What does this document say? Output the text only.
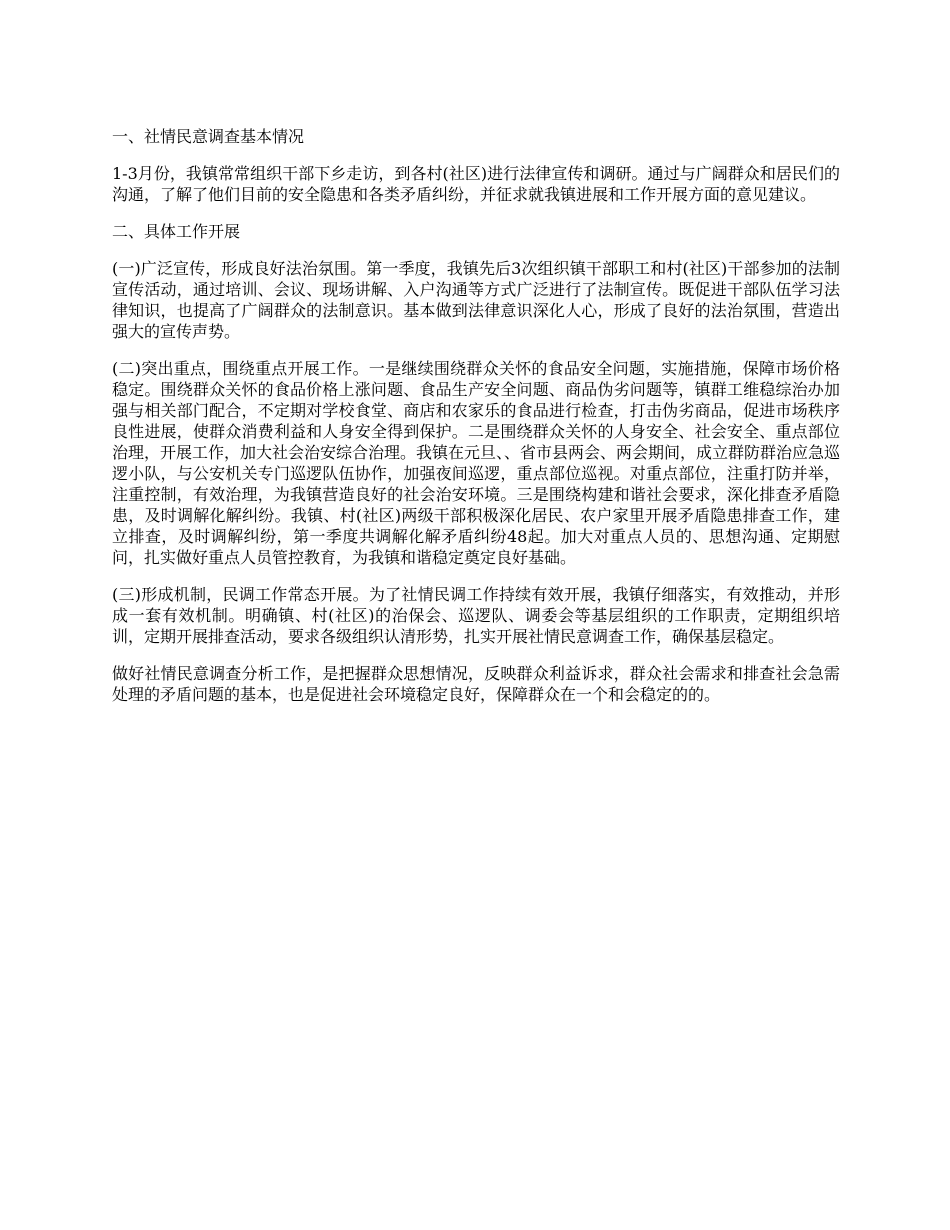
一、社情民意调查基本情况

1-3月份，我镇常常组织干部下乡走访，到各村(社区)进行法律宣传和调研。通过与广阔群众和居民们的沟通，了解了他们目前的安全隐患和各类矛盾纠纷，并征求就我镇进展和工作开展方面的意见建议。

二、具体工作开展

(一)广泛宣传，形成良好法治氛围。第一季度，我镇先后3次组织镇干部职工和村(社区)干部参加的法制宣传活动，通过培训、会议、现场讲解、入户沟通等方式广泛进行了法制宣传。既促进干部队伍学习法律知识，也提高了广阔群众的法制意识。基本做到法律意识深化人心，形成了良好的法治氛围，营造出强大的宣传声势。

(二)突出重点，围绕重点开展工作。一是继续围绕群众关怀的食品安全问题，实施措施，保障市场价格稳定。围绕群众关怀的食品价格上涨问题、食品生产安全问题、商品伪劣问题等，镇群工维稳综治办加强与相关部门配合，不定期对学校食堂、商店和农家乐的食品进行检查，打击伪劣商品，促进市场秩序良性进展，使群众消费利益和人身安全得到保护。二是围绕群众关怀的人身安全、社会安全、重点部位治理，开展工作，加大社会治安综合治理。我镇在元旦、、省市县两会、两会期间，成立群防群治应急巡逻小队，与公安机关专门巡逻队伍协作，加强夜间巡逻，重点部位巡视。对重点部位，注重打防并举，注重控制，有效治理，为我镇营造良好的社会治安环境。三是围绕构建和谐社会要求，深化排查矛盾隐患，及时调解化解纠纷。我镇、村(社区)两级干部积极深化居民、农户家里开展矛盾隐患排查工作，建立排查，及时调解纠纷，第一季度共调解化解矛盾纠纷48起。加大对重点人员的、思想沟通、定期慰问，扎实做好重点人员管控教育，为我镇和谐稳定奠定良好基础。

(三)形成机制，民调工作常态开展。为了社情民调工作持续有效开展，我镇仔细落实，有效推动，并形成一套有效机制。明确镇、村(社区)的治保会、巡逻队、调委会等基层组织的工作职责，定期组织培训，定期开展排查活动，要求各级组织认清形势，扎实开展社情民意调查工作，确保基层稳定。

做好社情民意调查分析工作，是把握群众思想情况，反映群众利益诉求，群众社会需求和排查社会急需处理的矛盾问题的基本，也是促进社会环境稳定良好，保障群众在一个和会稳定的的。
